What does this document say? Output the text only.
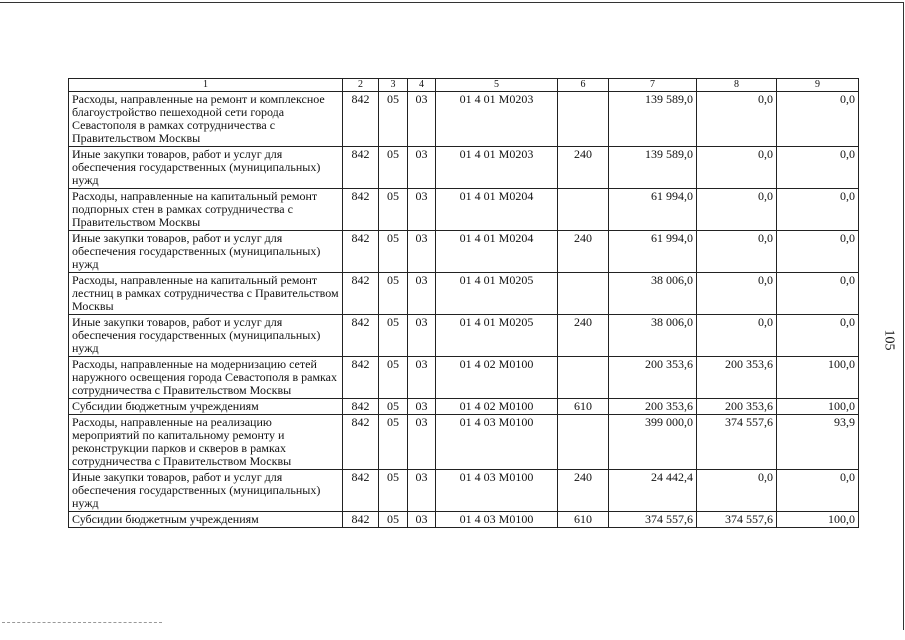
105
1	2	3	4	5	6	7	8	9
Расходы, направленные на ремонт и комплексное благоустройство пешеходной сети города Севастополя в рамках сотрудничества с Правительством Москвы	842	05	03	01 4 01 M0203		139 589,0	0,0	0,0
Иные закупки товаров, работ и услуг для обеспечения государственных (муниципальных) нужд	842	05	03	01 4 01 M0203	240	139 589,0	0,0	0,0
Расходы, направленные на капитальный ремонт подпорных стен в рамках сотрудничества с Правительством Москвы	842	05	03	01 4 01 M0204		61 994,0	0,0	0,0
Иные закупки товаров, работ и услуг для обеспечения государственных (муниципальных) нужд	842	05	03	01 4 01 M0204	240	61 994,0	0,0	0,0
Расходы, направленные на капитальный ремонт лестниц в рамках сотрудничества с Правительством Москвы	842	05	03	01 4 01 M0205		38 006,0	0,0	0,0
Иные закупки товаров, работ и услуг для обеспечения государственных (муниципальных) нужд	842	05	03	01 4 01 M0205	240	38 006,0	0,0	0,0
Расходы, направленные на модернизацию сетей наружного освещения города Севастополя в рамках сотрудничества с Правительством Москвы	842	05	03	01 4 02 M0100		200 353,6	200 353,6	100,0
Субсидии бюджетным учреждениям	842	05	03	01 4 02 M0100	610	200 353,6	200 353,6	100,0
Расходы, направленные на реализацию мероприятий по капитальному ремонту и реконструкции парков и скверов в рамках сотрудничества с Правительством Москвы	842	05	03	01 4 03 M0100		399 000,0	374 557,6	93,9
Иные закупки товаров, работ и услуг для обеспечения государственных (муниципальных) нужд	842	05	03	01 4 03 M0100	240	24 442,4	0,0	0,0
Субсидии бюджетным учреждениям	842	05	03	01 4 03 M0100	610	374 557,6	374 557,6	100,0
